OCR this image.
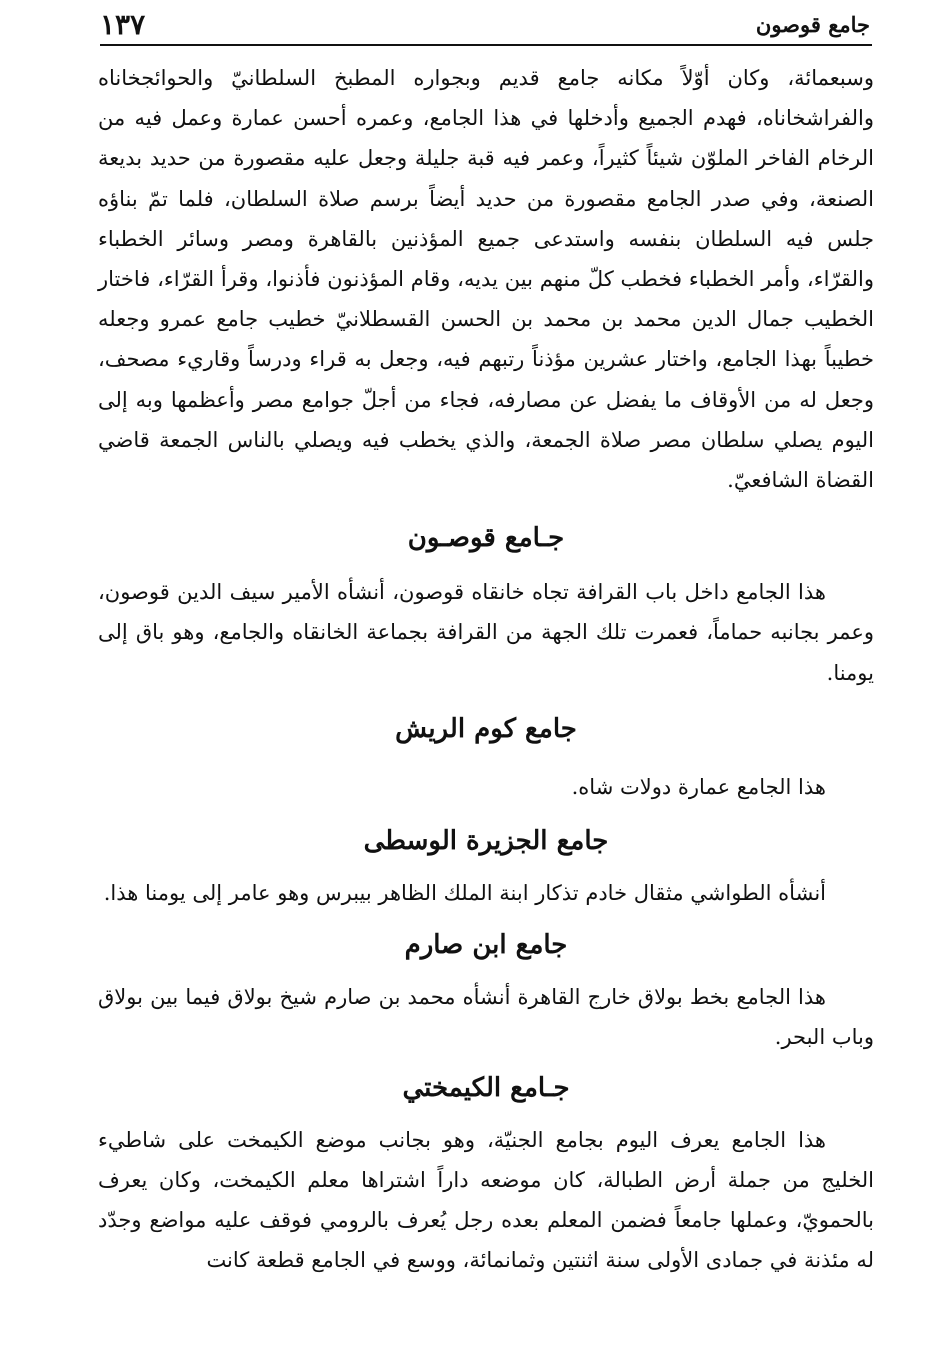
جامع قوصون
١٣٧

وسبعمائة، وكان أوّلاً مكانه جامع قديم وبجواره المطبخ السلطانيّ والحوائجخاناه والفراشخاناه، فهدم الجميع وأدخلها في هذا الجامع، وعمره أحسن عمارة وعمل فيه من الرخام الفاخر الملوّن شيئاً كثيراً، وعمر فيه قبة جليلة وجعل عليه مقصورة من حديد بديعة الصنعة، وفي صدر الجامع مقصورة من حديد أيضاً برسم صلاة السلطان، فلما تمّ بناؤه جلس فيه السلطان بنفسه واستدعى جميع المؤذنين بالقاهرة ومصر وسائر الخطباء والقرّاء، وأمر الخطباء فخطب كلّ منهم بين يديه، وقام المؤذنون فأذنوا، وقرأ القرّاء، فاختار الخطيب جمال الدين محمد بن محمد بن الحسن القسطلانيّ خطيب جامع عمرو وجعله خطيباً بهذا الجامع، واختار عشرين مؤذناً رتبهم فيه، وجعل به قراء ودرساً وقاريء مصحف، وجعل له من الأوقاف ما يفضل عن مصارفه، فجاء من أجلّ جوامع مصر وأعظمها وبه إلى اليوم يصلي سلطان مصر صلاة الجمعة، والذي يخطب فيه ويصلي بالناس الجمعة قاضي القضاة الشافعيّ.

جـامع قوصـون

هذا الجامع داخل باب القرافة تجاه خانقاه قوصون، أنشأه الأمير سيف الدين قوصون، وعمر بجانبه حماماً، فعمرت تلك الجهة من القرافة بجماعة الخانقاه والجامع، وهو باق إلى يومنا.

جامع كوم الريش

هذا الجامع عمارة دولات شاه.

جامع الجزيرة الوسطى

أنشأه الطواشي مثقال خادم تذكار ابنة الملك الظاهر بيبرس وهو عامر إلى يومنا هذا.

جامع ابن صارم

هذا الجامع بخط بولاق خارج القاهرة أنشأه محمد بن صارم شيخ بولاق فيما بين بولاق وباب البحر.

جـامع الكيمختي

هذا الجامع يعرف اليوم بجامع الجنيّة، وهو بجانب موضع الكيمخت على شاطيء الخليج من جملة أرض الطبالة، كان موضعه داراً اشتراها معلم الكيمخت، وكان يعرف بالحمويّ، وعملها جامعاً فضمن المعلم بعده رجل يُعرف بالرومي فوقف عليه مواضع وجدّد له مئذنة في جمادى الأولى سنة اثنتين وثمانمائة، ووسع في الجامع قطعة كانت
